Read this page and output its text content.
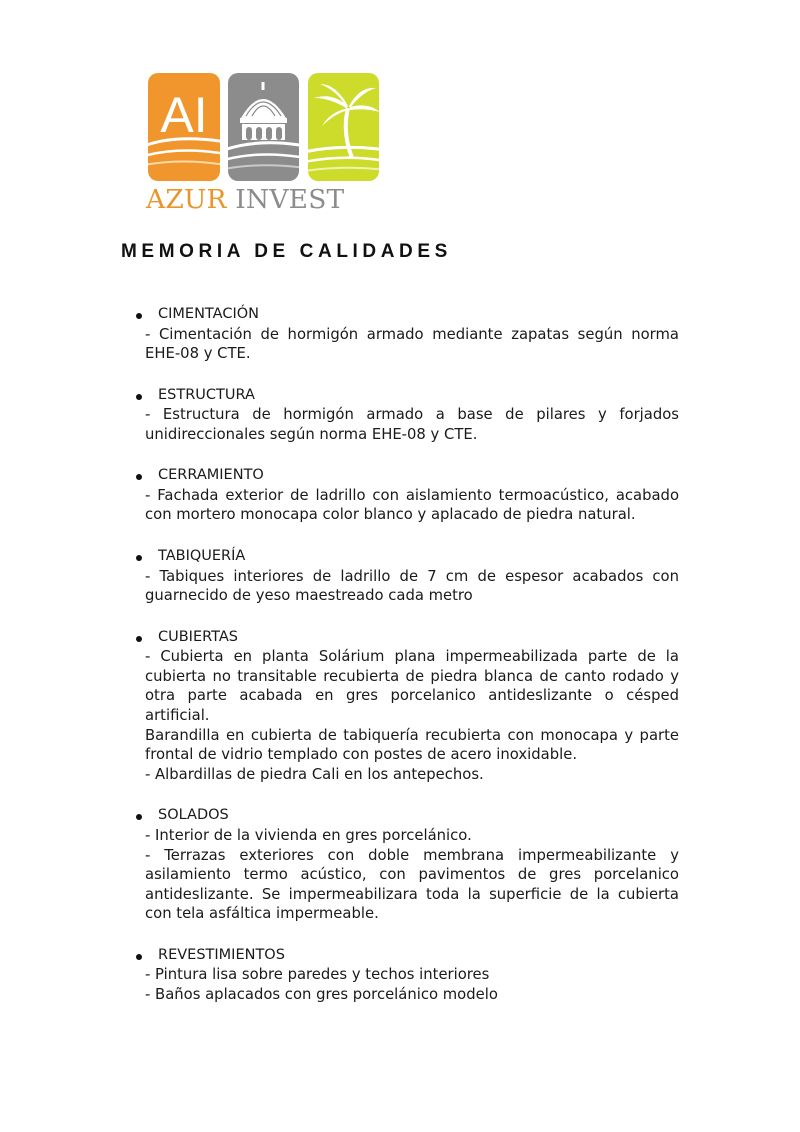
AI
AZUR INVEST
MEMORIA DE CALIDADES
CIMENTACIÓN

- Cimentación de hormigón armado mediante zapatas según norma EHE-08 y CTE.

ESTRUCTURA

- Estructura de hormigón armado a base de pilares y forjados unidireccionales según norma EHE-08 y CTE.

CERRAMIENTO

- Fachada exterior de ladrillo con aislamiento termoacústico, acabado con mortero monocapa color blanco y aplacado de piedra natural.

TABIQUERÍA

- Tabiques interiores de ladrillo de 7 cm de espesor acabados con guarnecido de yeso maestreado cada metro

CUBIERTAS

- Cubierta en planta Solárium plana impermeabilizada parte de la cubierta no transitable recubierta de piedra blanca de canto rodado y otra parte acabada en gres porcelanico antideslizante o césped artificial.

Barandilla en cubierta de tabiquería recubierta con monocapa y parte frontal de vidrio templado con postes de acero inoxidable.

- Albardillas de piedra Cali en los antepechos.

SOLADOS

- Interior de la vivienda en gres porcelánico.

- Terrazas exteriores con doble membrana impermeabilizante y asilamiento termo acústico, con pavimentos de gres porcelanico antideslizante. Se impermeabilizara toda la superficie de la cubierta con tela asfáltica impermeable.

REVESTIMIENTOS

- Pintura lisa sobre paredes y techos interiores

- Baños aplacados con gres porcelánico modelo
